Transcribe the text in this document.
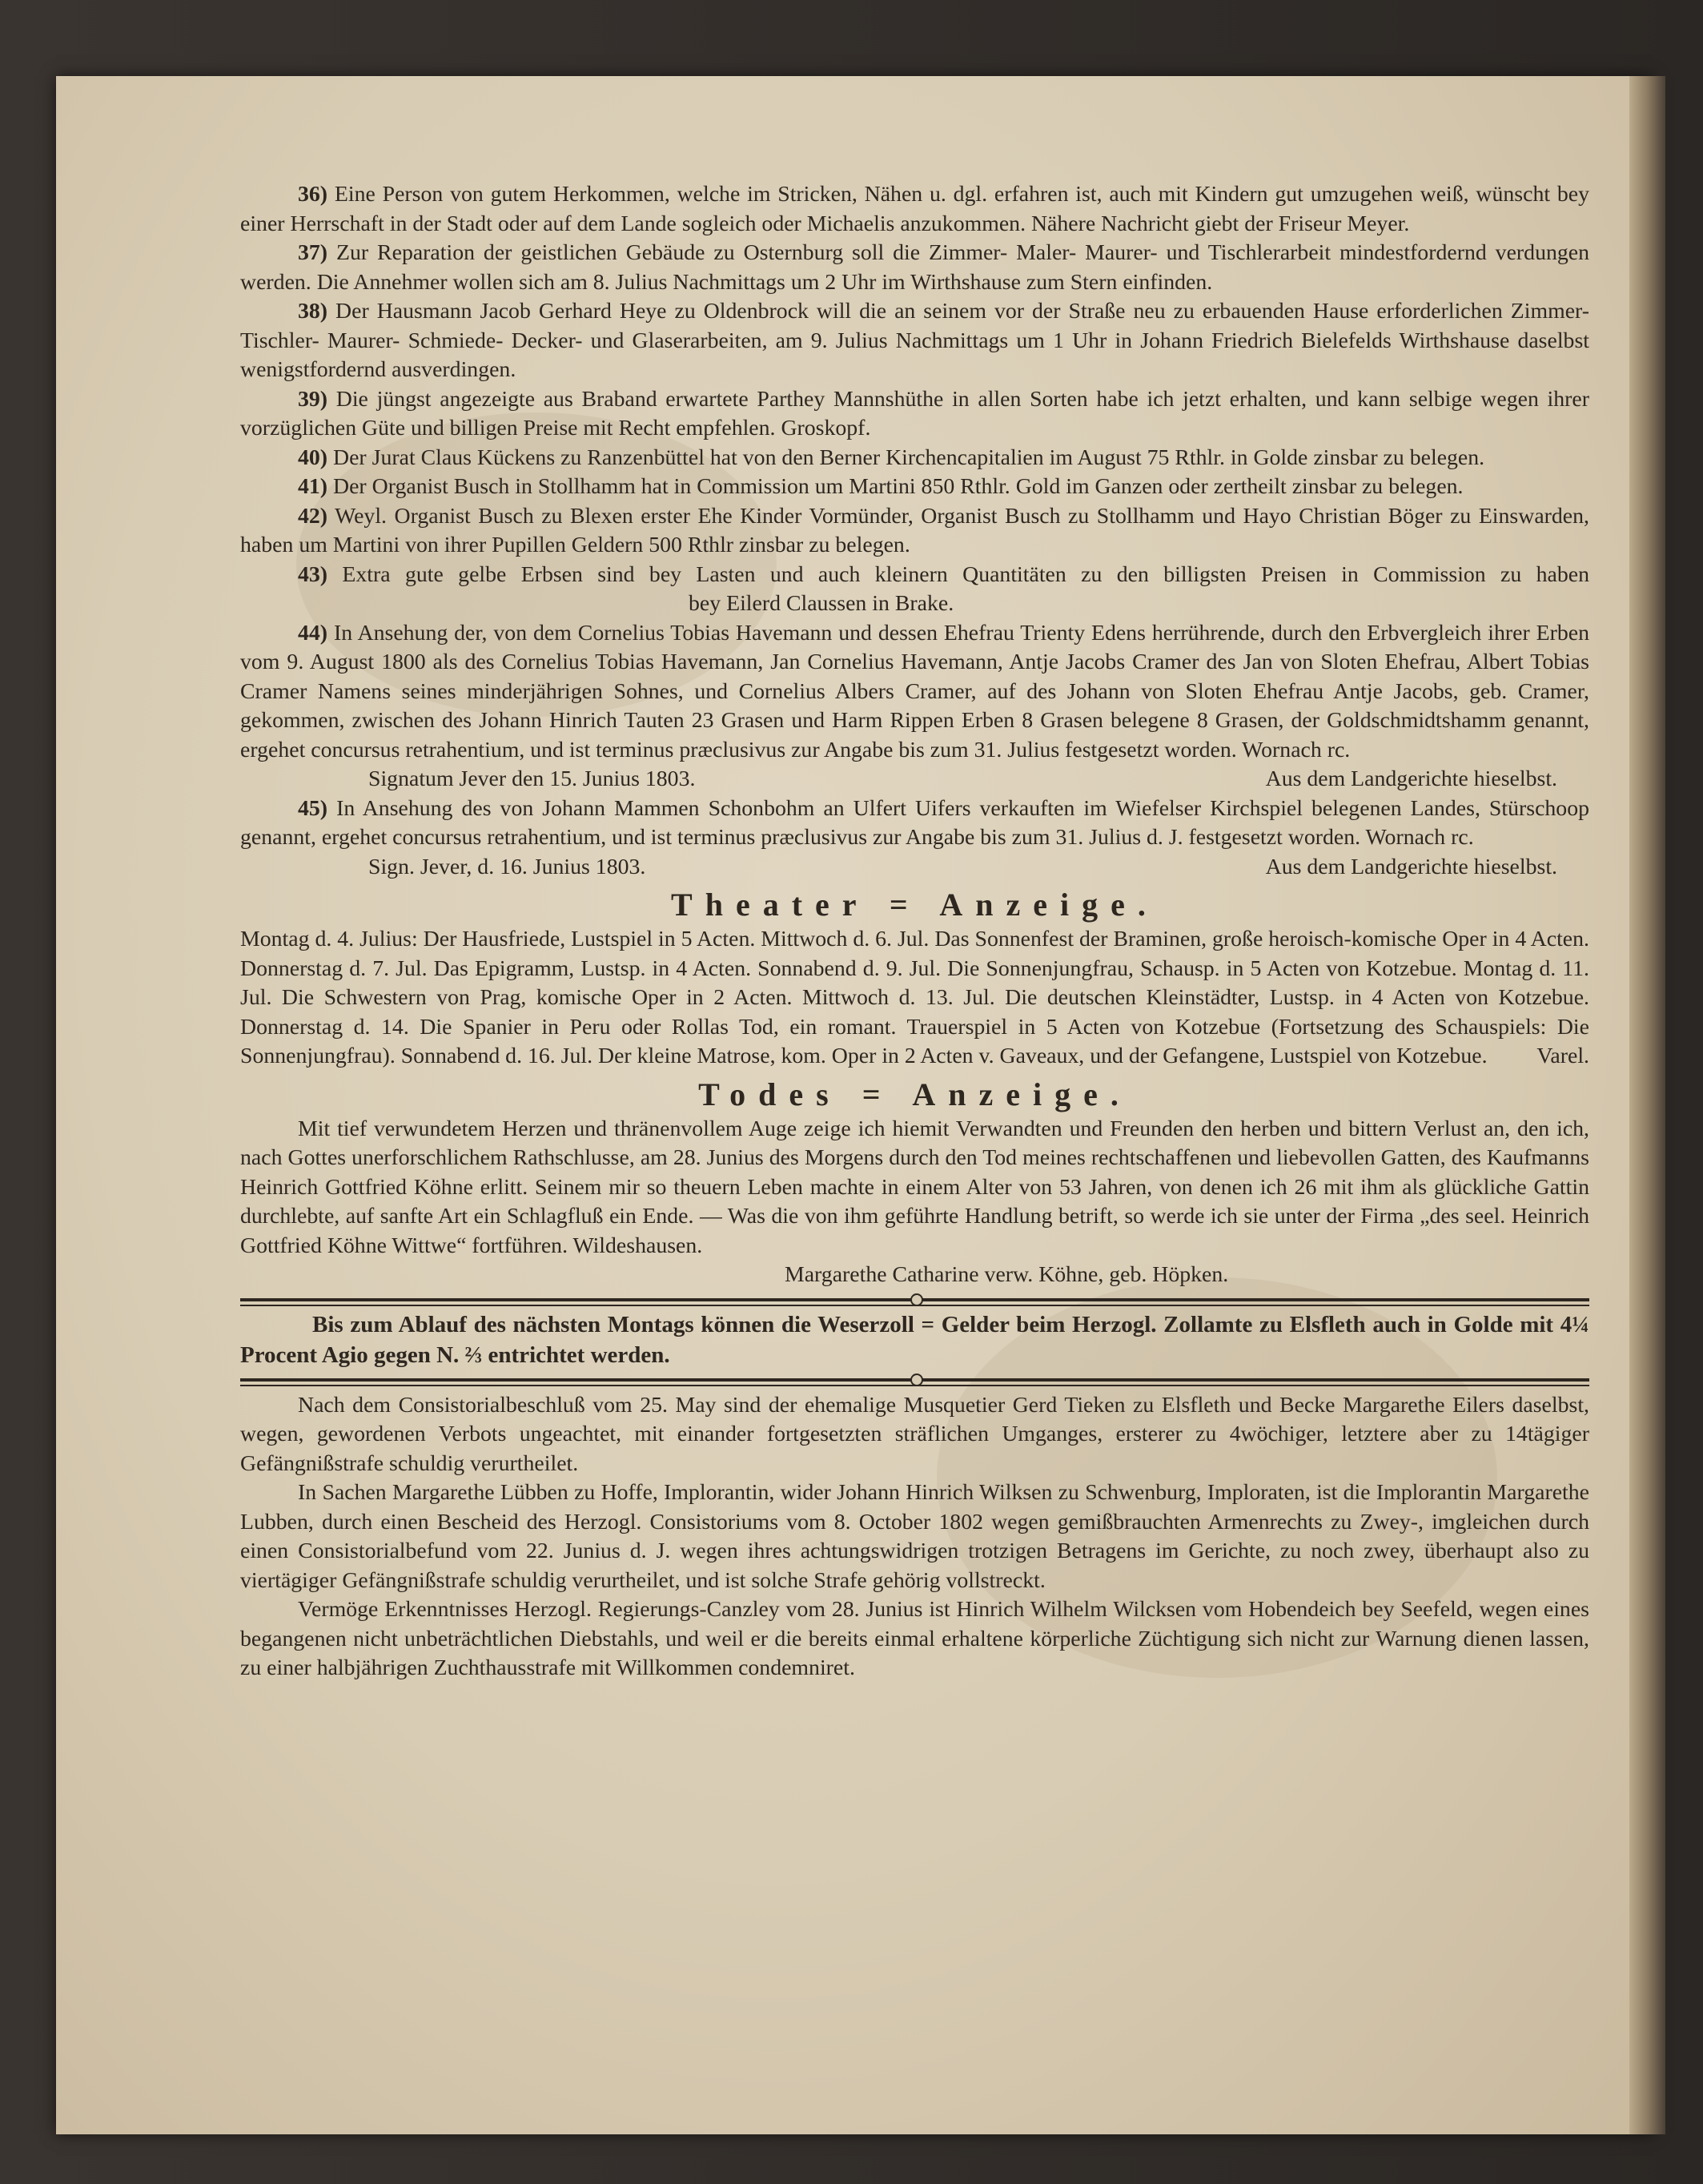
36) Eine Person von gutem Herkommen, welche im Stricken, Nähen u. dgl. erfahren ist, auch mit Kindern gut umzugehen weiß, wünscht bey einer Herrschaft in der Stadt oder auf dem Lande sogleich oder Michaelis anzukommen. Nähere Nachricht giebt der Friseur Meyer.

37) Zur Reparation der geistlichen Gebäude zu Osternburg soll die Zimmer- Maler- Maurer- und Tischlerarbeit mindestfordernd verdungen werden. Die Annehmer wollen sich am 8. Julius Nachmittags um 2 Uhr im Wirthshause zum Stern einfinden.

38) Der Hausmann Jacob Gerhard Heye zu Oldenbrock will die an seinem vor der Straße neu zu erbauenden Hause erforderlichen Zimmer- Tischler- Maurer- Schmiede- Decker- und Glaserarbeiten, am 9. Julius Nachmittags um 1 Uhr in Johann Friedrich Bielefelds Wirthshause daselbst wenigstfordernd ausverdingen.

39) Die jüngst angezeigte aus Braband erwartete Parthey Mannshüthe in allen Sorten habe ich jetzt erhalten, und kann selbige wegen ihrer vorzüglichen Güte und billigen Preise mit Recht empfehlen. Groskopf.

40) Der Jurat Claus Kückens zu Ranzenbüttel hat von den Berner Kirchencapitalien im August 75 Rthlr. in Golde zinsbar zu belegen.

41) Der Organist Busch in Stollhamm hat in Commission um Martini 850 Rthlr. Gold im Ganzen oder zertheilt zinsbar zu belegen.

42) Weyl. Organist Busch zu Blexen erster Ehe Kinder Vormünder, Organist Busch zu Stollhamm und Hayo Christian Böger zu Einswarden, haben um Martini von ihrer Pupillen Geldern 500 Rthlr zinsbar zu belegen.

43) Extra gute gelbe Erbsen sind bey Lasten und auch kleinern Quantitäten zu den billigsten Preisen in Commission zu habenbey Eilerd Claussen in Brake.

44) In Ansehung der, von dem Cornelius Tobias Havemann und dessen Ehefrau Trienty Edens herrührende, durch den Erbvergleich ihrer Erben vom 9. August 1800 als des Cornelius Tobias Havemann, Jan Cornelius Havemann, Antje Jacobs Cramer des Jan von Sloten Ehefrau, Albert Tobias Cramer Namens seines minderjährigen Sohnes, und Cornelius Albers Cramer, auf des Johann von Sloten Ehefrau Antje Jacobs, geb. Cramer, gekommen, zwischen des Johann Hinrich Tauten 23 Grasen und Harm Rippen Erben 8 Grasen belegene 8 Grasen, der Goldschmidtshamm genannt, ergehet concursus retrahentium, und ist terminus præclusivus zur Angabe bis zum 31. Julius festgesetzt worden. Wornach rc.

Signatum Jever den 15. Junius 1803.	Aus dem Landgerichte hieselbst.

45) In Ansehung des von Johann Mammen Schonbohm an Ulfert Uifers verkauften im Wiefelser Kirchspiel belegenen Landes, Stürschoop genannt, ergehet concursus retrahentium, und ist terminus præclusivus zur Angabe bis zum 31. Julius d. J. festgesetzt worden. Wornach rc.

Sign. Jever, d. 16. Junius 1803.	Aus dem Landgerichte hieselbst.
Theater = Anzeige.

Montag d. 4. Julius: Der Hausfriede, Lustspiel in 5 Acten. Mittwoch d. 6. Jul. Das Sonnenfest der Braminen, große heroisch-komische Oper in 4 Acten. Donnerstag d. 7. Jul. Das Epigramm, Lustsp. in 4 Acten. Sonnabend d. 9. Jul. Die Sonnenjungfrau, Schausp. in 5 Acten von Kotzebue. Montag d. 11. Jul. Die Schwestern von Prag, komische Oper in 2 Acten. Mittwoch d. 13. Jul. Die deutschen Kleinstädter, Lustsp. in 4 Acten von Kotzebue. Donnerstag d. 14. Die Spanier in Peru oder Rollas Tod, ein romant. Trauerspiel in 5 Acten von Kotzebue (Fortsetzung des Schauspiels: Die Sonnenjungfrau). Sonnabend d. 16. Jul. Der kleine Matrose, kom. Oper in 2 Acten v. Gaveaux, und der Gefangene, Lustspiel von Kotzebue. Varel.

Todes = Anzeige.

Mit tief verwundetem Herzen und thränenvollem Auge zeige ich hiemit Verwandten und Freunden den herben und bittern Verlust an, den ich, nach Gottes unerforschlichem Rathschlusse, am 28. Junius des Morgens durch den Tod meines rechtschaffenen und liebevollen Gatten, des Kaufmanns Heinrich Gottfried Köhne erlitt. Seinem mir so theuern Leben machte in einem Alter von 53 Jahren, von denen ich 26 mit ihm als glückliche Gattin durchlebte, auf sanfte Art ein Schlagfluß ein Ende. — Was die von ihm geführte Handlung betrift, so werde ich sie unter der Firma „des seel. Heinrich Gottfried Köhne Wittwe“ fortführen. Wildeshausen.

Margarethe Catharine verw. Köhne, geb. Höpken.

Bis zum Ablauf des nächsten Montags können die Weserzoll = Gelder beim Herzogl. Zollamte zu Elsfleth auch in Golde mit 4¼ Procent Agio gegen N. ⅔ entrichtet werden.

Nach dem Consistorialbeschluß vom 25. May sind der ehemalige Musquetier Gerd Tieken zu Elsfleth und Becke Margarethe Eilers daselbst, wegen, gewordenen Verbots ungeachtet, mit einander fortgesetzten sträflichen Umganges, ersterer zu 4wöchiger, letztere aber zu 14tägiger Gefängnißstrafe schuldig verurtheilet.

In Sachen Margarethe Lübben zu Hoffe, Implorantin, wider Johann Hinrich Wilksen zu Schwenburg, Imploraten, ist die Implorantin Margarethe Lubben, durch einen Bescheid des Herzogl. Consistoriums vom 8. October 1802 wegen gemißbrauchten Armenrechts zu Zwey-, imgleichen durch einen Consistorialbefund vom 22. Junius d. J. wegen ihres achtungswidrigen trotzigen Betragens im Gerichte, zu noch zwey, überhaupt also zu viertägiger Gefängnißstrafe schuldig verurtheilet, und ist solche Strafe gehörig vollstreckt.

Vermöge Erkenntnisses Herzogl. Regierungs-Canzley vom 28. Junius ist Hinrich Wilhelm Wilcksen vom Hobendeich bey Seefeld, wegen eines begangenen nicht unbeträchtlichen Diebstahls, und weil er die bereits einmal erhaltene körperliche Züchtigung sich nicht zur Warnung dienen lassen, zu einer halbjährigen Zuchthausstrafe mit Willkommen condemniret.
